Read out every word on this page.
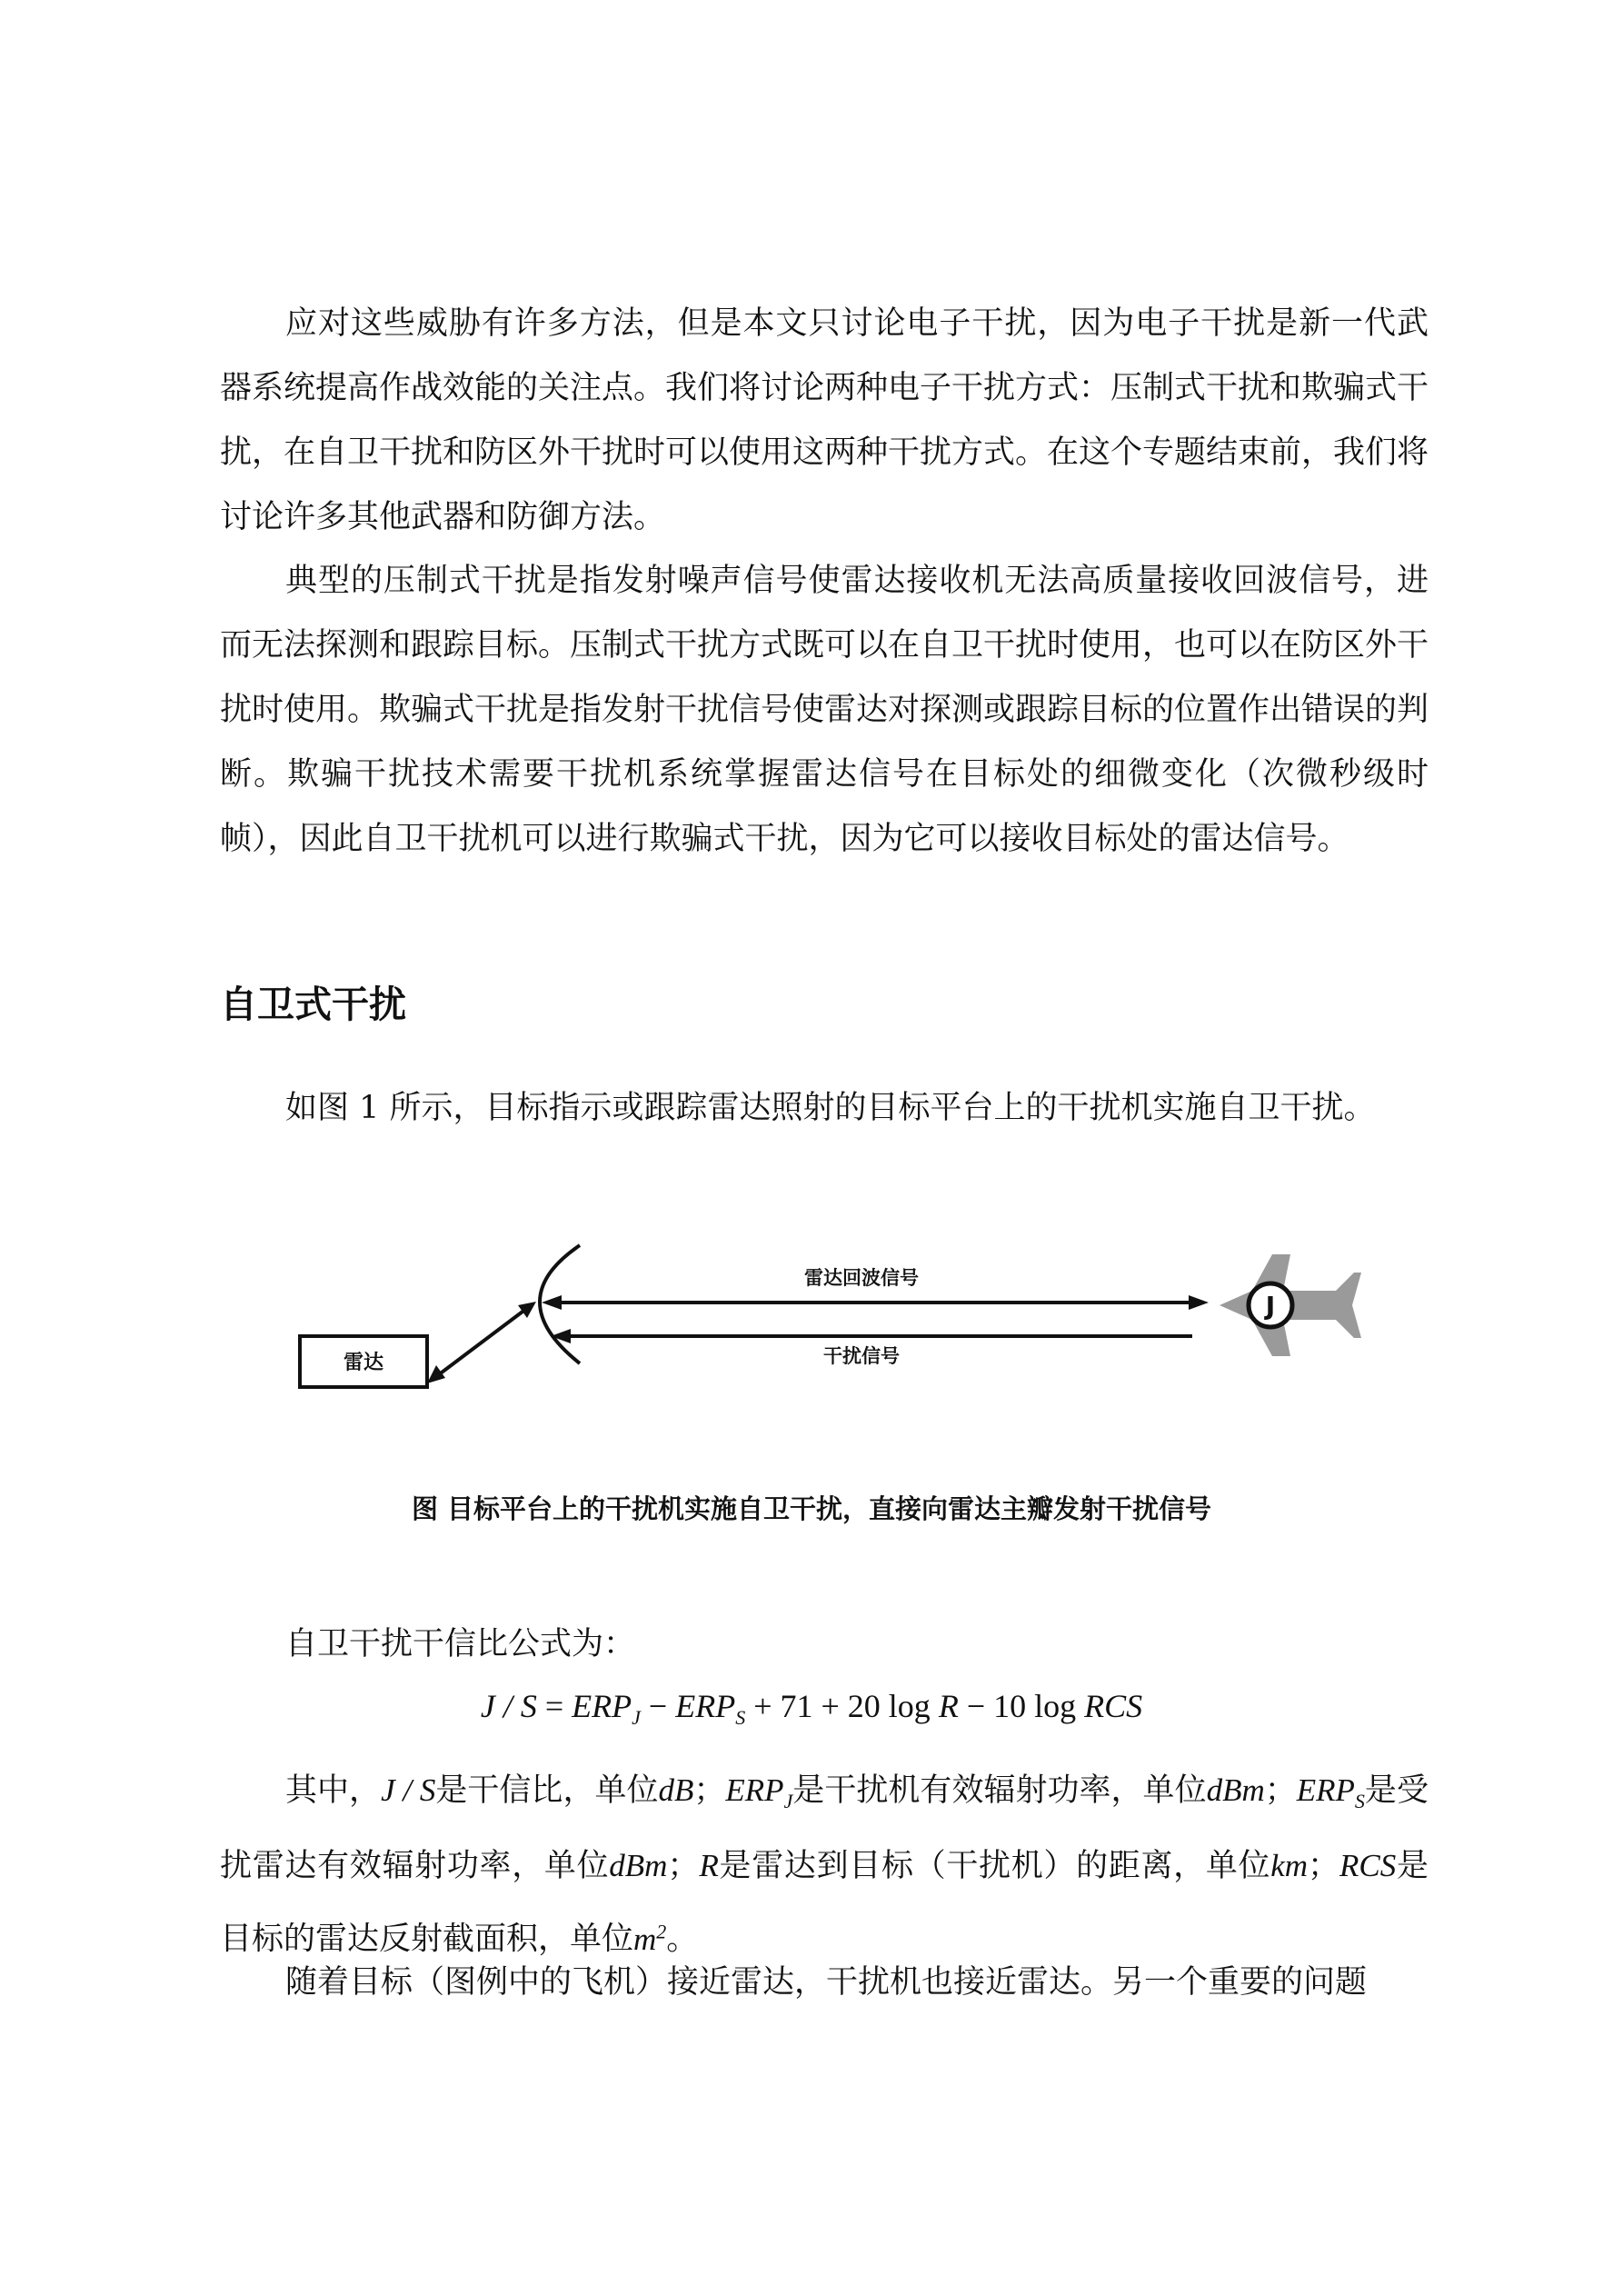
应对这些威胁有许多方法，但是本文只讨论电子干扰，因为电子干扰是新一代武器系统提高作战效能的关注点。我们将讨论两种电子干扰方式：压制式干扰和欺骗式干扰，在自卫干扰和防区外干扰时可以使用这两种干扰方式。在这个专题结束前，我们将讨论许多其他武器和防御方法。

典型的压制式干扰是指发射噪声信号使雷达接收机无法高质量接收回波信号，进而无法探测和跟踪目标。压制式干扰方式既可以在自卫干扰时使用，也可以在防区外干扰时使用。欺骗式干扰是指发射干扰信号使雷达对探测或跟踪目标的位置作出错误的判断。欺骗干扰技术需要干扰机系统掌握雷达信号在目标处的细微变化（次微秒级时帧），因此自卫干扰机可以进行欺骗式干扰，因为它可以接收目标处的雷达信号。

自卫式干扰

如图 1 所示，目标指示或跟踪雷达照射的目标平台上的干扰机实施自卫干扰。

雷达
雷达回波信号
干扰信号
J

图 目标平台上的干扰机实施自卫干扰，直接向雷达主瓣发射干扰信号

自卫干扰干信比公式为：

$J / S = ERP_J - ERP_S + 71 + 20$ log R − 10 log RCS

其中，J / S是干信比，单位dB；$ERP_J$是干扰机有效辐射功率，单位dBm；$ERP_S$是受扰雷达有效辐射功率，单位dBm；R是雷达到目标（干扰机）的距离，单位km；RCS是目标的雷达反射截面积，单位$m^2$。

随着目标（图例中的飞机）接近雷达，干扰机也接近雷达。另一个重要的问题
